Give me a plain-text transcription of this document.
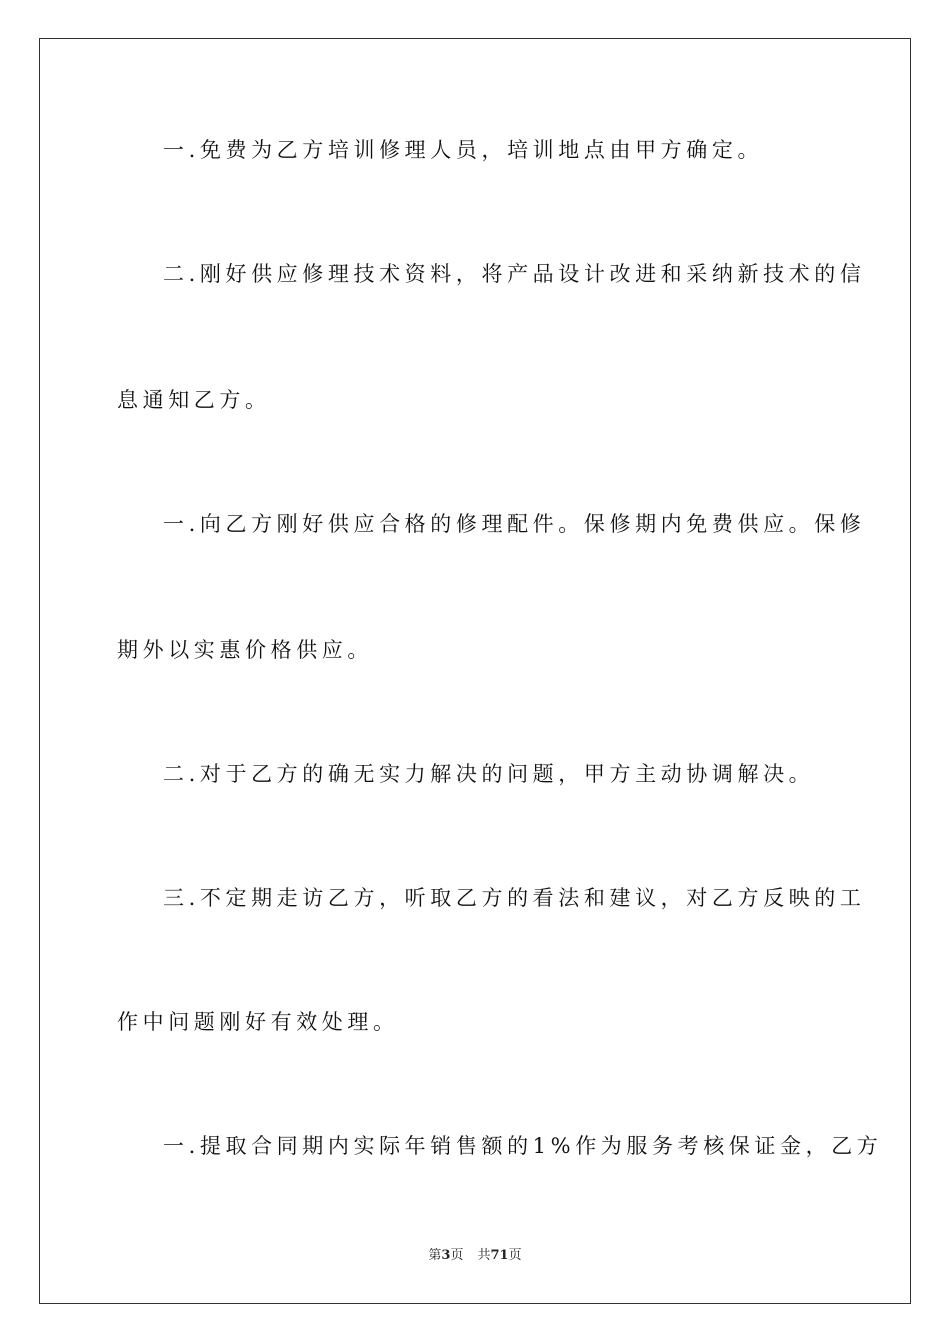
一.免费为乙方培训修理人员，培训地点由甲方确定。
二.刚好供应修理技术资料，将产品设计改进和采纳新技术的信
息通知乙方。
一.向乙方刚好供应合格的修理配件。保修期内免费供应。保修
期外以实惠价格供应。
二.对于乙方的确无实力解决的问题，甲方主动协调解决。
三.不定期走访乙方，听取乙方的看法和建议，对乙方反映的工
作中问题刚好有效处理。
一.提取合同期内实际年销售额的1%作为服务考核保证金，乙方
第3页 共71页
